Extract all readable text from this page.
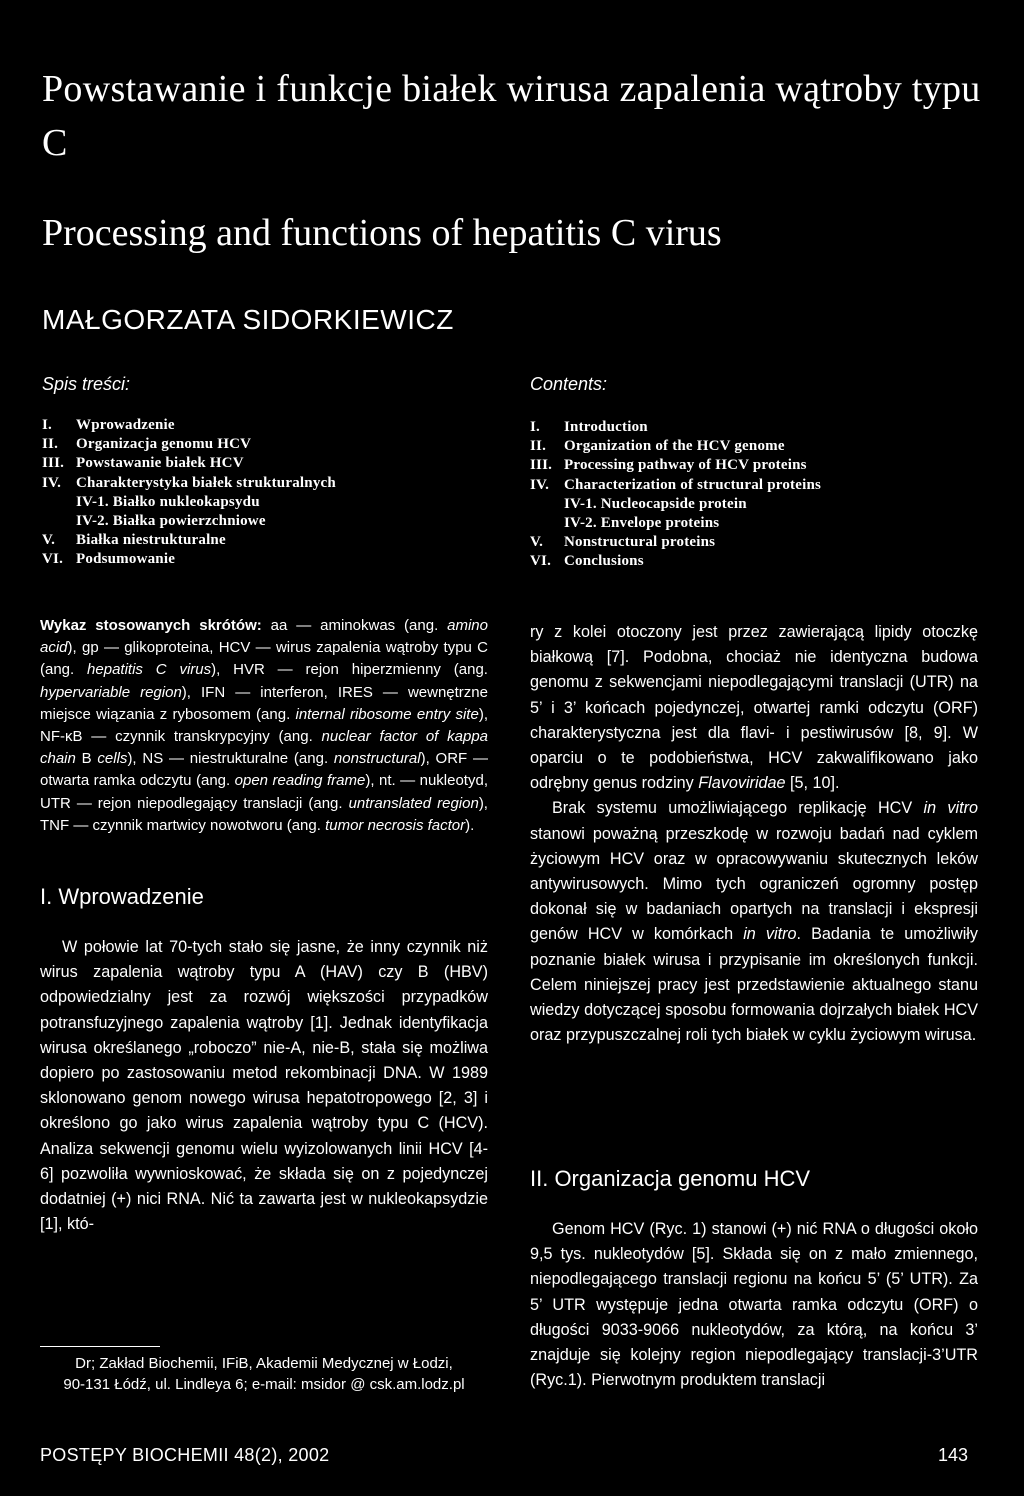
Powstawanie i funkcje białek wirusa zapalenia wątroby typu C
Processing and functions of hepatitis C virus
MAŁGORZATA SIDORKIEWICZ
Spis treści:
I. Wprowadzenie
II. Organizacja genomu HCV
III. Powstawanie białek HCV
IV. Charakterystyka białek strukturalnych
IV-1. Białko nukleokapsydu
IV-2. Białka powierzchniowe
V. Białka niestrukturalne
VI. Podsumowanie
Contents:
I. Introduction
II. Organization of the HCV genome
III. Processing pathway of HCV proteins
IV. Characterization of structural proteins
IV-1. Nucleocapside protein
IV-2. Envelope proteins
V. Nonstructural proteins
VI. Conclusions
Wykaz stosowanych skrótów: aa — aminokwas (ang. amino acid), gp — glikoproteina, HCV — wirus zapalenia wątroby typu C (ang. hepatitis C virus), HVR — rejon hiperzmienny (ang. hypervariable region), IFN — interferon, IRES — wewnętrzne miejsce wiązania z rybosomem (ang. internal ribosome entry site), NF-κB — czynnik transkrypcyjny (ang. nuclear factor of kappa chain B cells), NS — niestrukturalne (ang. nonstructural), ORF — otwarta ramka odczytu (ang. open reading frame), nt. — nukleotyd, UTR — rejon niepodlegający translacji (ang. untranslated region), TNF — czynnik martwicy nowotworu (ang. tumor necrosis factor).
I. Wprowadzenie

W połowie lat 70-tych stało się jasne, że inny czynnik niż wirus zapalenia wątroby typu A (HAV) czy B (HBV) odpowiedzialny jest za rozwój większości przypadków potransfuzyjnego zapalenia wątroby [1]. Jednak identyfikacja wirusa określanego „roboczo” nie-A, nie-B, stała się możliwa dopiero po zastosowaniu metod rekombinacji DNA. W 1989 sklonowano genom nowego wirusa hepatotropowego [2, 3] i określono go jako wirus zapalenia wątroby typu C (HCV). Analiza sekwencji genomu wielu wyizolowanych linii HCV [4-6] pozwoliła wywnioskować, że składa się on z pojedynczej dodatniej (+) nici RNA. Nić ta zawarta jest w nukleokapsydzie [1], któ-

ry z kolei otoczony jest przez zawierającą lipidy otoczkę białkową [7]. Podobna, chociaż nie identyczna budowa genomu z sekwencjami niepodlegającymi translacji (UTR) na 5’ i 3’ końcach pojedynczej, otwartej ramki odczytu (ORF) charakterystyczna jest dla flavi- i pestiwirusów [8, 9]. W oparciu o te podobieństwa, HCV zakwalifikowano jako odrębny genus rodziny Flavoviridae [5, 10].

Brak systemu umożliwiającego replikację HCV in vitro stanowi poważną przeszkodę w rozwoju badań nad cyklem życiowym HCV oraz w opracowywaniu skutecznych leków antywirusowych. Mimo tych ograniczeń ogromny postęp dokonał się w badaniach opartych na translacji i ekspresji genów HCV w komórkach in vitro. Badania te umożliwiły poznanie białek wirusa i przypisanie im określonych funkcji. Celem niniejszej pracy jest przedstawienie aktualnego stanu wiedzy dotyczącej sposobu formowania dojrzałych białek HCV oraz przypuszczalnej roli tych białek w cyklu życiowym wirusa.

II. Organizacja genomu HCV

Genom HCV (Ryc. 1) stanowi (+) nić RNA o długości około 9,5 tys. nukleotydów [5]. Składa się on z mało zmiennego, niepodlegającego translacji regionu na końcu 5’ (5’ UTR). Za 5’ UTR występuje jedna otwarta ramka odczytu (ORF) o długości 9033-9066 nukleotydów, za którą, na końcu 3’ znajduje się kolejny region niepodlegający translacji-3’UTR (Ryc.1). Pierwotnym produktem translacji

Dr; Zakład Biochemii, IFiB, Akademii Medycznej w Łodzi,
90-131 Łódź, ul. Lindleya 6; e-mail: msidor @ csk.am.lodz.pl
POSTĘPY BIOCHEMII 48(2), 2002	143
